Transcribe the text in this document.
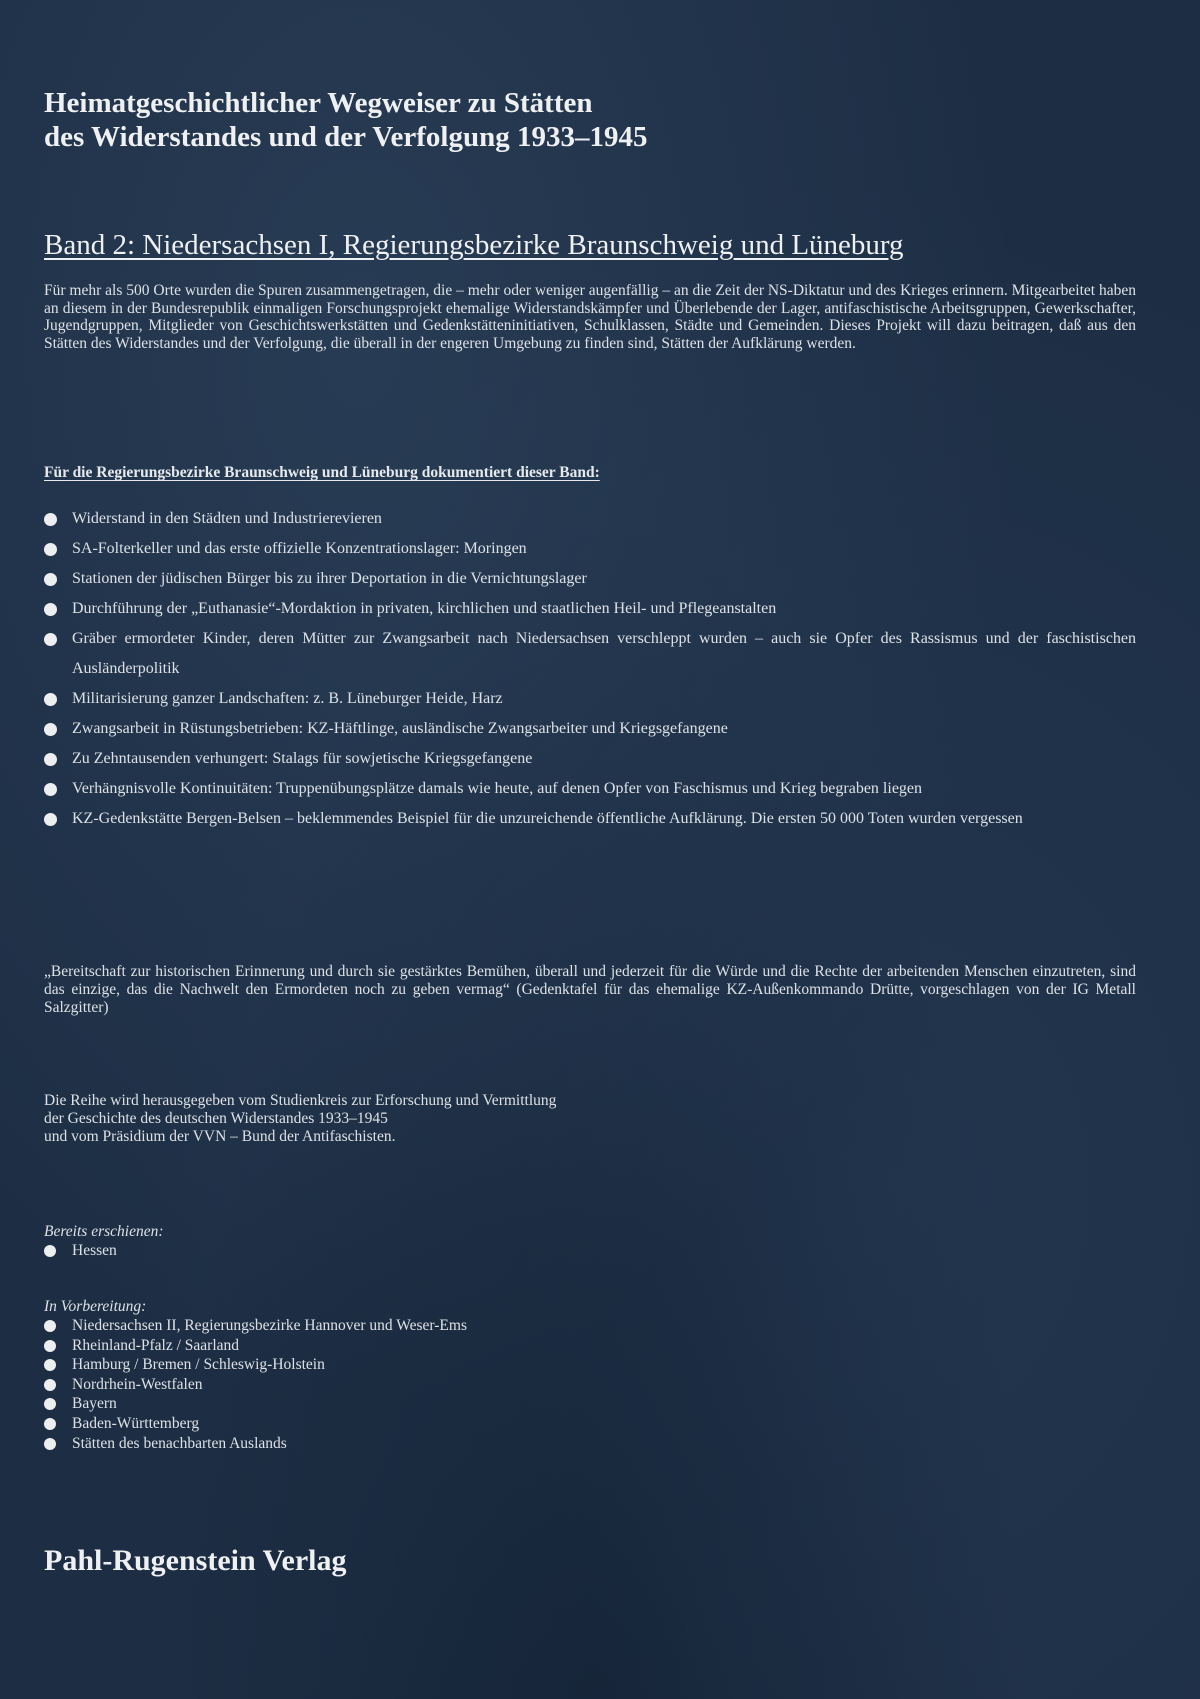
Heimatgeschichtlicher Wegweiser zu Stätten
des Widerstandes und der Verfolgung 1933–1945
Band 2: Niedersachsen I, Regierungsbezirke Braunschweig und Lüneburg
Für mehr als 500 Orte wurden die Spuren zusammengetragen, die – mehr oder weniger augenfällig – an die Zeit der NS-Diktatur und des Krieges erinnern. Mitgearbeitet haben an diesem in der Bundesrepublik einmaligen Forschungsprojekt ehemalige Widerstandskämpfer und Überlebende der Lager, antifaschistische Arbeitsgruppen, Gewerkschafter, Jugendgruppen, Mitglieder von Geschichtswerkstätten und Gedenkstätteninitiativen, Schulklassen, Städte und Gemeinden. Dieses Projekt will dazu beitragen, daß aus den Stätten des Widerstandes und der Verfolgung, die überall in der engeren Umgebung zu finden sind, Stätten der Aufklärung werden.
Für die Regierungsbezirke Braunschweig und Lüneburg dokumentiert dieser Band:
Widerstand in den Städten und Industrierevieren
SA-Folterkeller und das erste offizielle Konzentrationslager: Moringen
Stationen der jüdischen Bürger bis zu ihrer Deportation in die Vernichtungslager
Durchführung der „Euthanasie“-Mordaktion in privaten, kirchlichen und staatlichen Heil- und Pflegeanstalten
Gräber ermordeter Kinder, deren Mütter zur Zwangsarbeit nach Niedersachsen verschleppt wurden – auch sie Opfer des Rassismus und der faschistischen Ausländerpolitik
Militarisierung ganzer Landschaften: z. B. Lüneburger Heide, Harz
Zwangsarbeit in Rüstungsbetrieben: KZ-Häftlinge, ausländische Zwangsarbeiter und Kriegsgefangene
Zu Zehntausenden verhungert: Stalags für sowjetische Kriegsgefangene
Verhängnisvolle Kontinuitäten: Truppenübungsplätze damals wie heute, auf denen Opfer von Faschismus und Krieg begraben liegen
KZ-Gedenkstätte Bergen-Belsen – beklemmendes Beispiel für die unzureichende öffentliche Aufklärung. Die ersten 50 000 Toten wurden vergessen
„Bereitschaft zur historischen Erinnerung und durch sie gestärktes Bemühen, überall und jederzeit für die Würde und die Rechte der arbeitenden Menschen einzutreten, sind das einzige, das die Nachwelt den Ermordeten noch zu geben vermag“ (Gedenktafel für das ehemalige KZ-Außenkommando Drütte, vorgeschlagen von der IG Metall Salzgitter)
Die Reihe wird herausgegeben vom Studienkreis zur Erforschung und Vermittlung
der Geschichte des deutschen Widerstandes 1933–1945
und vom Präsidium der VVN – Bund der Antifaschisten.
Bereits erschienen:
Hessen
In Vorbereitung:
Niedersachsen II, Regierungsbezirke Hannover und Weser-Ems
Rheinland-Pfalz / Saarland
Hamburg / Bremen / Schleswig-Holstein
Nordrhein-Westfalen
Bayern
Baden-Württemberg
Stätten des benachbarten Auslands
Pahl-Rugenstein Verlag
